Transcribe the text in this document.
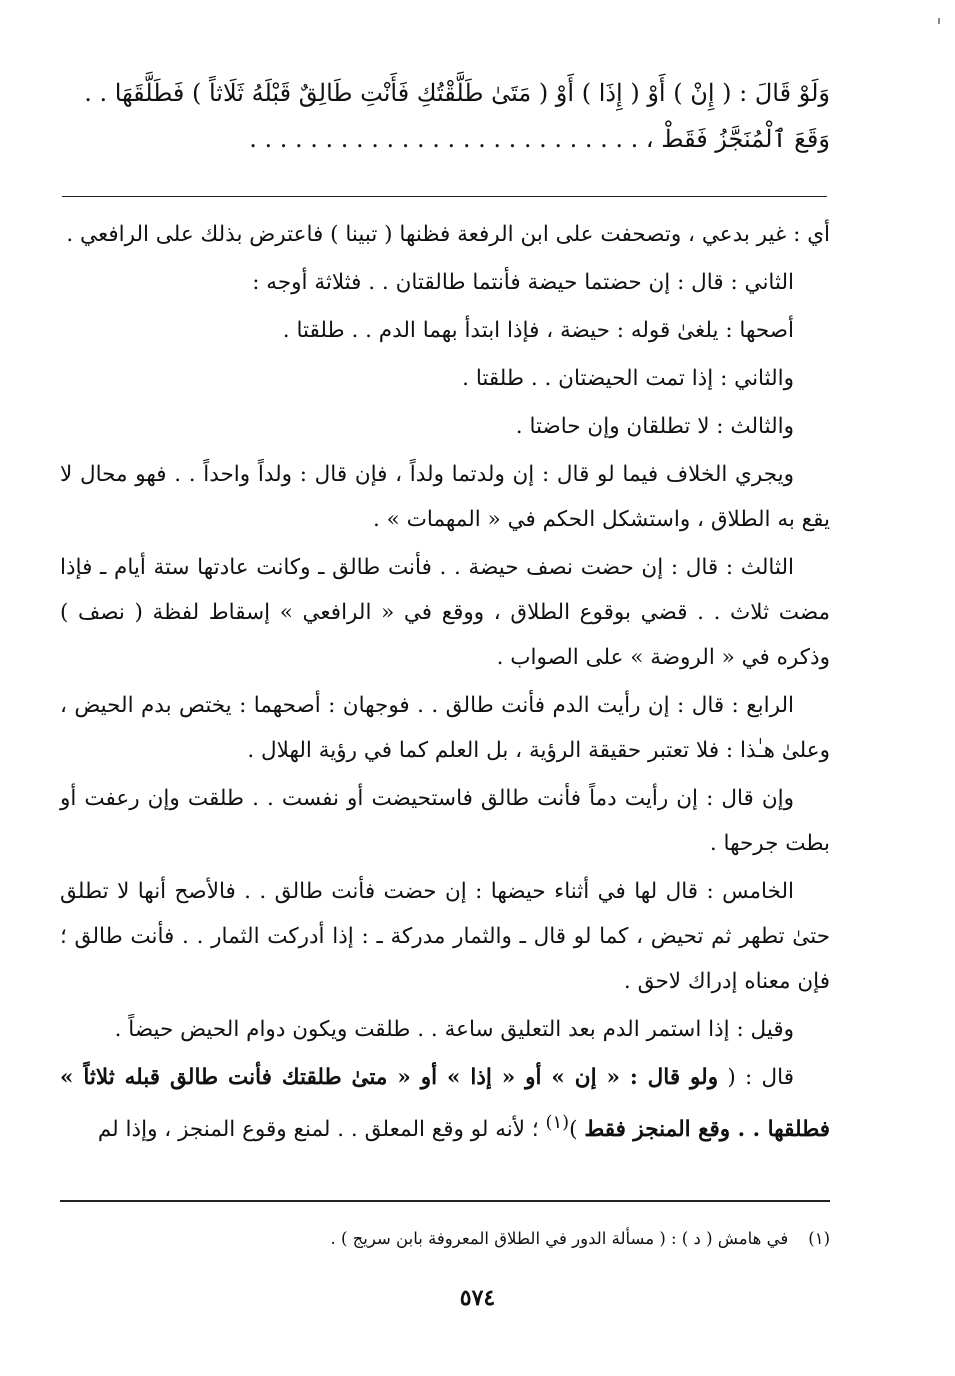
وَلَوْ قَالَ : ( إِنْ ) أَوْ ( إِذَا ) أَوْ ( مَتَىٰ طَلَّقْتُكِ فَأَنْتِ طَالِقٌ قَبْلَهُ ثَلَاثاً ) فَطَلَّقَهَا . .
وَقَعَ ٱلْمُنَجَّزُ فَقَطْ ، . . . . . . . . . . . . . . . . . . . . . . . . . .

أي : غير بدعي ، وتصحفت على ابن الرفعة فظنها ( تبينا ) فاعترض بذلك على الرافعي .

الثاني : قال : إن حضتما حيضة فأنتما طالقتان . . فثلاثة أوجه :

أصحها : يلغىٰ قوله : حيضة ، فإذا ابتدأ بهما الدم . . طلقتا .

والثاني : إذا تمت الحيضتان . . طلقتا .

والثالث : لا تطلقان وإن حاضتا .

ويجري الخلاف فيما لو قال : إن ولدتما ولداً ، فإن قال : ولداً واحداً . . فهو محال لا يقع به الطلاق ، واستشكل الحكم في « المهمات » .

الثالث : قال : إن حضت نصف حيضة . . فأنت طالق ـ وكانت عادتها ستة أيام ـ فإذا مضت ثلاث . . قضي بوقوع الطلاق ، ووقع في « الرافعي » إسقاط لفظة ( نصف ) وذكره في « الروضة » على الصواب .

الرابع : قال : إن رأيت الدم فأنت طالق . . فوجهان : أصحهما : يختص بدم الحيض ، وعلىٰ هـٰذا : فلا تعتبر حقيقة الرؤية ، بل العلم كما في رؤية الهلال .

وإن قال : إن رأيت دماً فأنت طالق فاستحيضت أو نفست . . طلقت وإن رعفت أو بطت جرحها .

الخامس : قال لها في أثناء حيضها : إن حضت فأنت طالق . . فالأصح أنها لا تطلق حتىٰ تطهر ثم تحيض ، كما لو قال ـ والثمار مدركة ـ : إذا أدركت الثمار . . فأنت طالق ؛ فإن معناه إدراك لاحق .

وقيل : إذا استمر الدم بعد التعليق ساعة . . طلقت ويكون دوام الحيض حيضاً .

قال : ( ولو قال : « إن » أو « إذا » أو « متىٰ طلقتك فأنت طالق قبله ثلاثاً » فطلقها . . وقع المنجز فقط )$^{(١)}$ ؛ لأنه لو وقع المعلق . . لمنع وقوع المنجز ، وإذا لم

(١)في هامش ( د ) : ( مسألة الدور في الطلاق المعروفة بابن سريج ) .
٥٧٤
